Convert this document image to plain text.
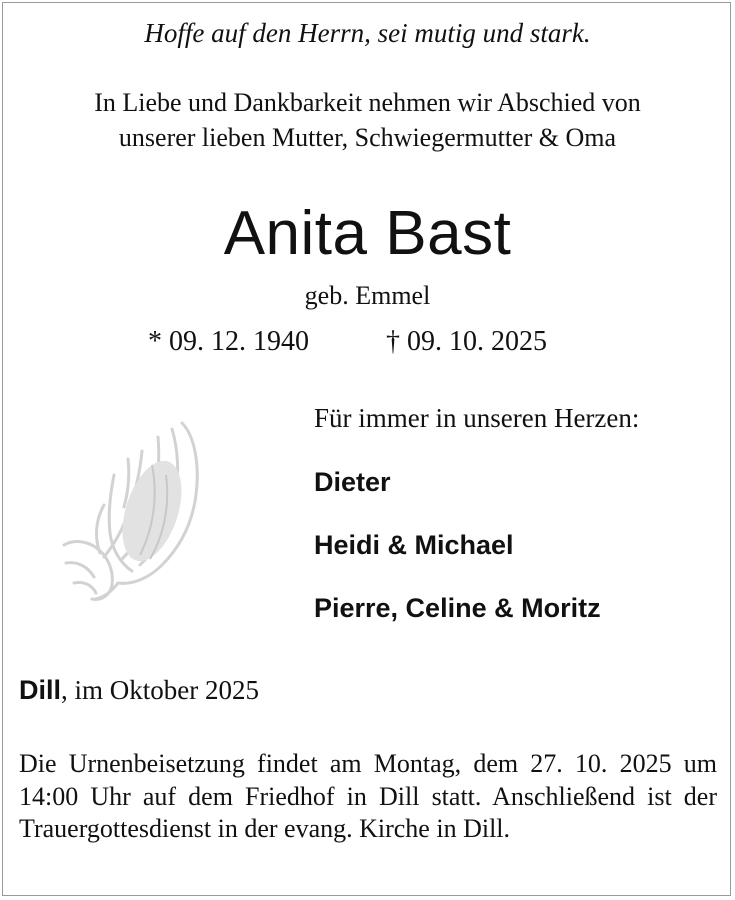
Hoffe auf den Herrn, sei mutig und stark.
In Liebe und Dankbarkeit nehmen wir Abschied von
unserer lieben Mutter, Schwiegermutter & Oma
Anita Bast
geb. Emmel
* 09. 12. 1940	† 09. 10. 2025
Für immer in unseren Herzen:
Dieter
Heidi & Michael
Pierre, Celine & Moritz
Dill, im Oktober 2025
Die Urnenbeisetzung findet am Montag, dem 27. 10. 2025 um 14:00 Uhr auf dem Friedhof in Dill statt. Anschließend ist der Trauergottesdienst in der evang. Kirche in Dill.
